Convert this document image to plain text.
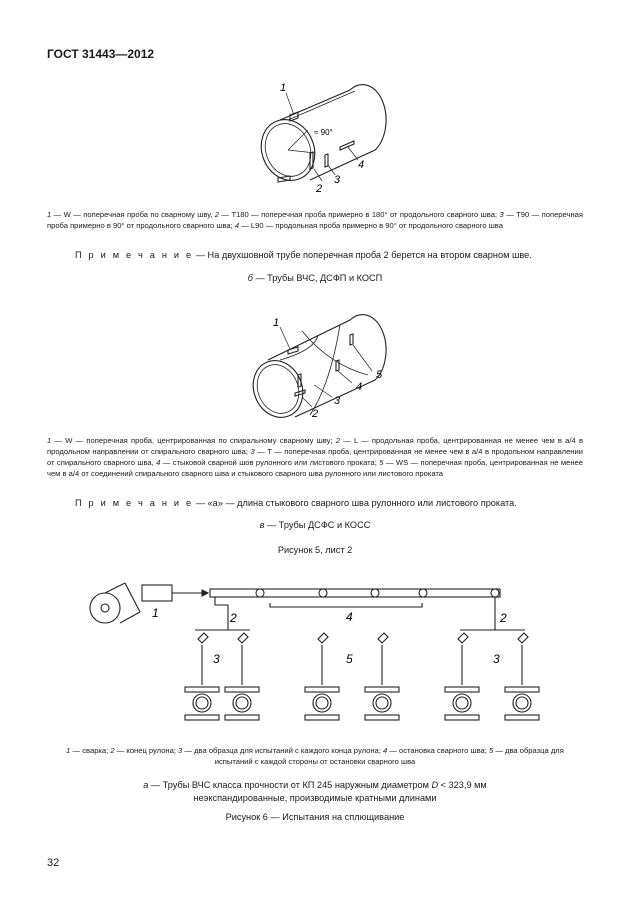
ГОСТ 31443—2012
1
≈ 90°
2
3
4
1 — W — поперечная проба по сварному шву, 2 — T180 — поперечная проба примерно в 180° от продольного сварного шва; 3 — T90 — поперечная проба примерно в 90° от продольного сварного шва; 4 — L90 — продольная проба примерно в 90° от продольного сварного шва
П р и м е ч а н и е — На двухшовной трубе поперечная проба 2 берется на втором сварном шве.
б — Трубы ВЧС, ДСФП и КОСП
1
2
3
4
5
1 — W — поперечная проба, центрированная по спиральному сварному шву; 2 — L — продольная проба, центрированная не менее чем в a/4 в продольном направлении от спирального сварного шва; 3 — T — поперечная проба, центрированная не менее чем в a/4 в продольном направлении от спирального сварного шва, 4 — стыковой сварной шов рулонного или листового проката; 5 — WS — поперечная проба, центрированная не менее чем в a/4 от соединений спирального сварного шва и стыкового сварного шва рулонного или листового проката
П р и м е ч а н и е — «a» — длина стыкового сварного шва рулонного или листового проката.
в — Трубы ДСФС и КОСС
Рисунок 5, лист 2
1	2	2
4
3	5	3
1 — сварка; 2 — конец рулона; 3 — два образца для испытаний с каждого конца рулона; 4 — остановка сварного шва; 5 — два образца для испытаний с каждой стороны от остановки сварного шва
а — Трубы ВЧС класса прочности от КП 245 наружным диаметром D < 323,9 мм
неэкспандированные, производимые кратными длинами
Рисунок 6 — Испытания на сплющивание
32
